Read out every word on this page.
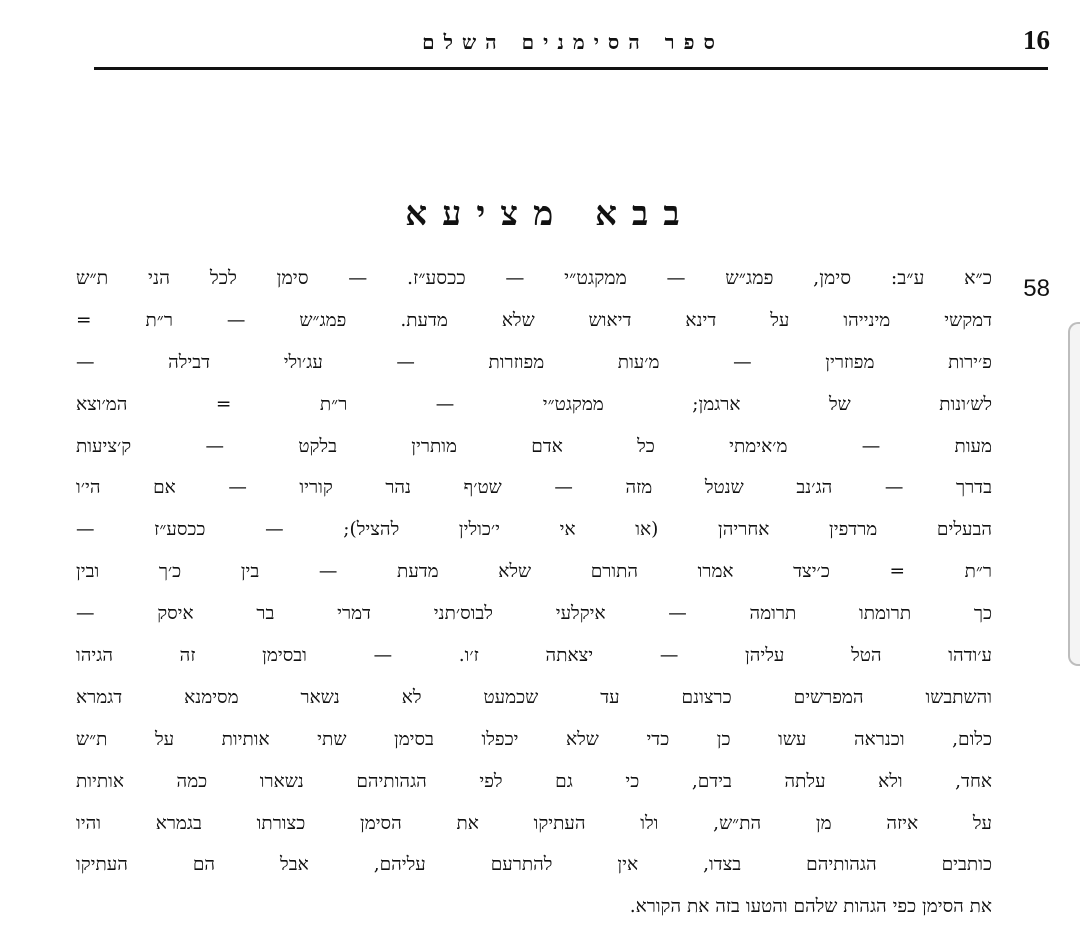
16
ספר הסימנים השלם
בבא מציעא
58
כ״א ע״ב: סימן, פמג״ש — ממקגט״י — ככסע״ז. — סימן לכל הני ת״ש
דמקשי מינייהו על דינא דיאוש שלא מדעת. פמג״ש — ר״ת =
פ׳ירות מפוזרין — מ׳עות מפוזרות — עג׳ולי דבילה —
לש׳ונות של ארגמן; ממקגט״י — ר״ת = המ׳וצא
מעות — מ׳אימתי כל אדם מותרין בלקט — ק׳ציעות
בדרך — הג׳נב שנטל מזה — שט׳ף נהר קוריו — אם הי׳ו
הבעלים מרדפין אחריהן (או אי י׳כולין להציל); — ככסע״ז —
ר״ת = כ׳יצד אמרו התורם שלא מדעת — בין כ׳ך ובין
כך תרומתו תרומה — איקלעי לבוס׳תני דמרי בר איסק —
ע׳ודהו הטל עליהן — יצאתה ז׳ו. — ובסימן זה הגיהו
והשתבשו המפרשים כרצונם עד שכמעט לא נשאר מסימנא דגמרא
כלום, וכנראה עשו כן כדי שלא יכפלו בסימן שתי אותיות על ת״ש
אחד, ולא עלתה בידם, כי גם לפי הגהותיהם נשארו כמה אותיות
על איזה מן הת״ש, ולו העתיקו את הסימן כצורתו בגמרא והיו
כותבים הגהותיהם בצדו, אין להתרעם עליהם, אבל הם העתיקו
את הסימן כפי הגהות שלהם והטעו בזה את הקורא.
